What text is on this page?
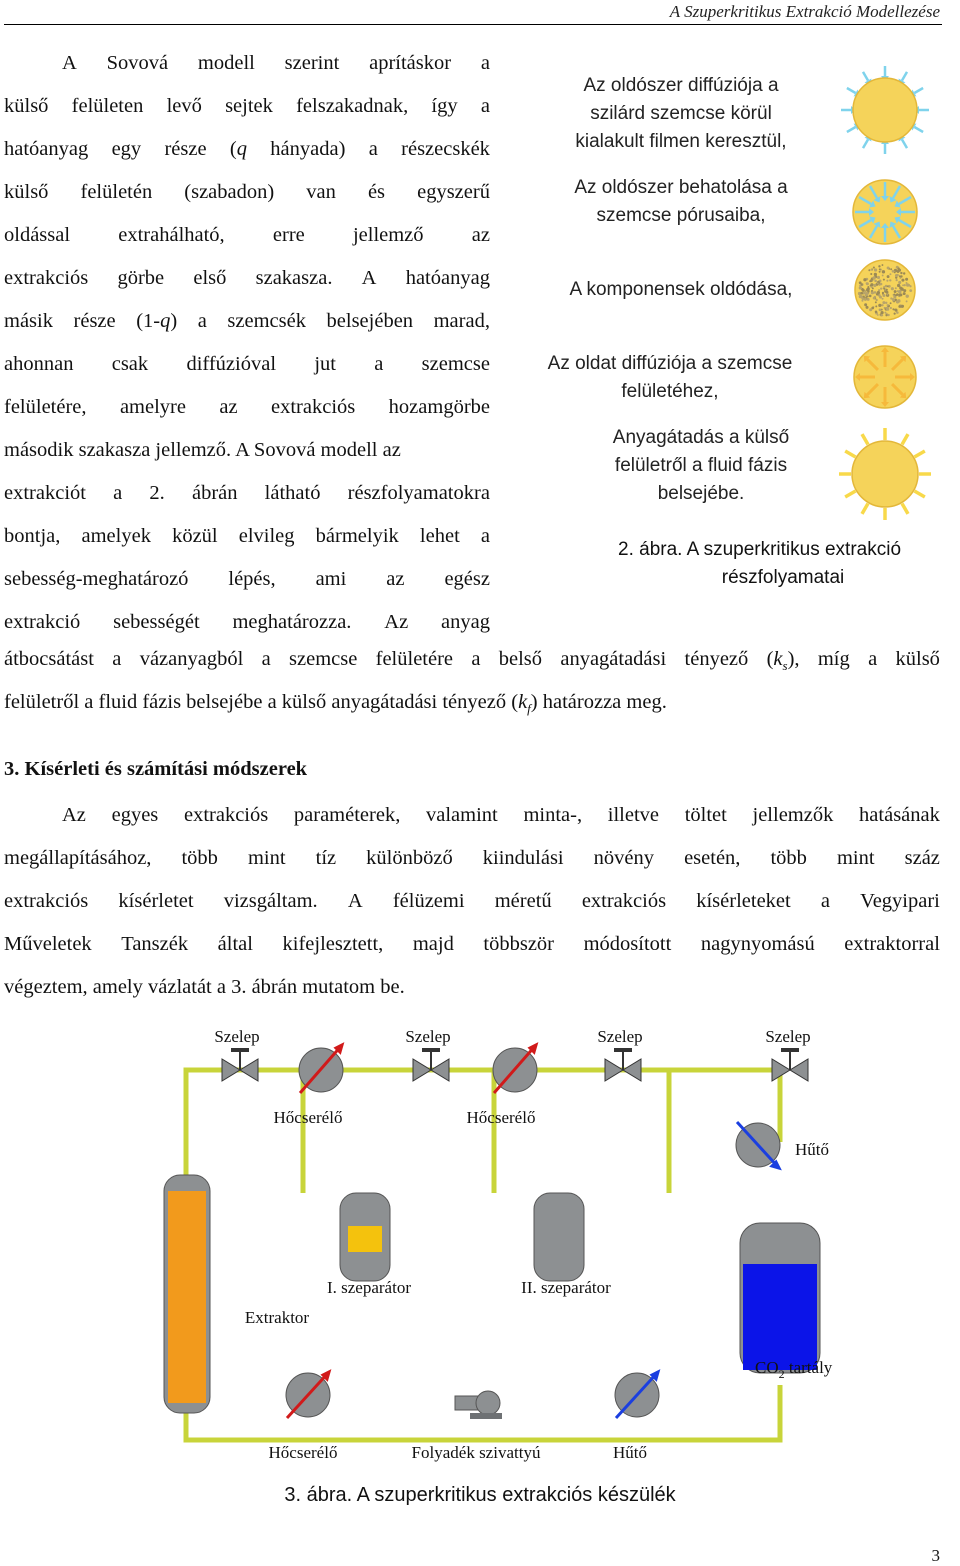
A Szuperkritikus Extrakció Modellezése
A Sovová modell szerint aprításkor a
külső felületen levő sejtek felszakadnak, így a
hatóanyag egy része (q hányada) a részecskék
külső felületén (szabadon) van és egyszerű
oldással extrahálható, erre jellemző az
extrakciós görbe első szakasza. A hatóanyag
másik része (1-q) a szemcsék belsejében marad,
ahonnan csak diffúzióval jut a szemcse
felületére, amelyre az extrakciós hozamgörbe
második szakasza jellemző. A Sovová modell az
extrakciót a 2. ábrán látható részfolyamatokra
bontja, amelyek közül elvileg bármelyik lehet a
sebesség-meghatározó lépés, ami az egész
extrakció sebességét meghatározza. Az anyag
Az oldószer diffúziója a
szilárd szemcse körül
kialakult filmen keresztül,
Az oldószer behatolása a
szemcse pórusaiba,
A komponensek oldódása,
Az oldat diffúziója a szemcse
felületéhez,
Anyagátadás a külső
felületről a fluid fázis
belsejébe.
2. ábra. A szuperkritikus extrakció
részfolyamatai
átbocsátást a vázanyagból a szemcse felületére a belső anyagátadási tényező $(k_s)$, míg a külső
felületről a fluid fázis belsejébe a külső anyagátadási tényező $(k_f)$ határozza meg.
3. Kísérleti és számítási módszerek
Az egyes extrakciós paraméterek, valamint minta-, illetve töltet jellemzők hatásának
megállapításához, több mint tíz különböző kiindulási növény esetén, több mint száz
extrakciós kísérletet vizsgáltam. A félüzemi méretű extrakciós kísérleteket a Vegyipari
Műveletek Tanszék által kifejlesztett, majd többször módosított nagynyomású extraktorral
végeztem, amely vázlatát a 3. ábrán mutatom be.
Szelep	Szelep	Szelep	Szelep
Hőcserélő	Hőcserélő
Hűtő
Extraktor
I. szeparátor	II. szeparátor
$CO_2$ tartály
Hőcserélő	Folyadék szivattyú	Hűtő
3. ábra. A szuperkritikus extrakciós készülék
3
